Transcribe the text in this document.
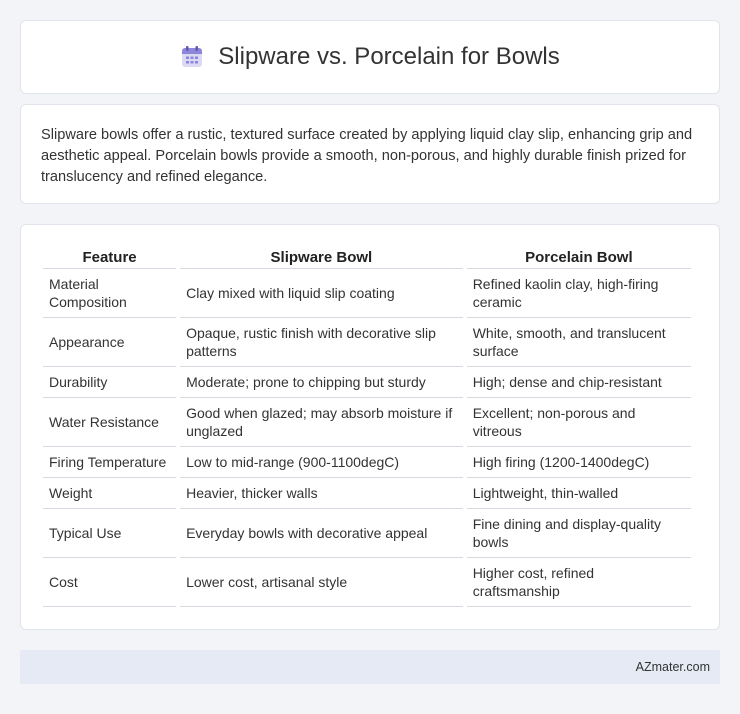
Slipware vs. Porcelain for Bowls

Slipware bowls offer a rustic, textured surface created by applying liquid clay slip, enhancing grip and aesthetic appeal. Porcelain bowls provide a smooth, non-porous, and highly durable finish prized for translucency and refined elegance.

Feature	Slipware Bowl	Porcelain Bowl
Material Composition	Clay mixed with liquid slip coating	Refined kaolin clay, high-firing ceramic
Appearance	Opaque, rustic finish with decorative slip patterns	White, smooth, and translucent surface
Durability	Moderate; prone to chipping but sturdy	High; dense and chip-resistant
Water Resistance	Good when glazed; may absorb moisture if unglazed	Excellent; non-porous and vitreous
Firing Temperature	Low to mid-range (900-1100degC)	High firing (1200-1400degC)
Weight	Heavier, thicker walls	Lightweight, thin-walled
Typical Use	Everyday bowls with decorative appeal	Fine dining and display-quality bowls
Cost	Lower cost, artisanal style	Higher cost, refined craftsmanship
AZmater.com
